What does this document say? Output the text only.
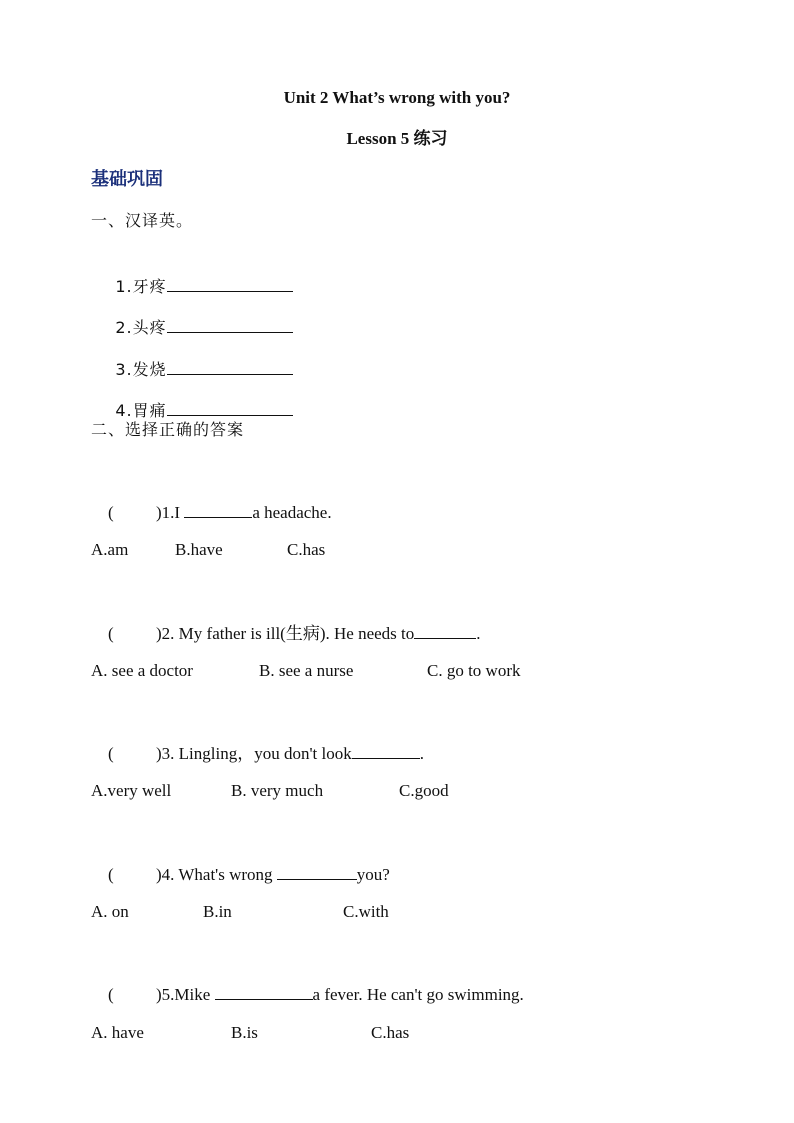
Unit 2 What’s wrong with you?
Lesson 5 练习
基础巩固
一、汉译英。

1.牙疼

2.头疼

3.发烧

4.胃痛

二、选择正确的答案

( )1.I	a headache.

A.am	B.have	C.has

( )2. My father is ill(生病). He needs to	.

A. see a doctor	B. see a nurse	C. go to work

( )3. Lingling，you don't look	.

A.very well	B. very much	C.good

( )4. What's wrong	you?

A. on	B.in	C.with

( )5.Mike	a fever. He can't go swimming.

A. have	B.is	C.has
